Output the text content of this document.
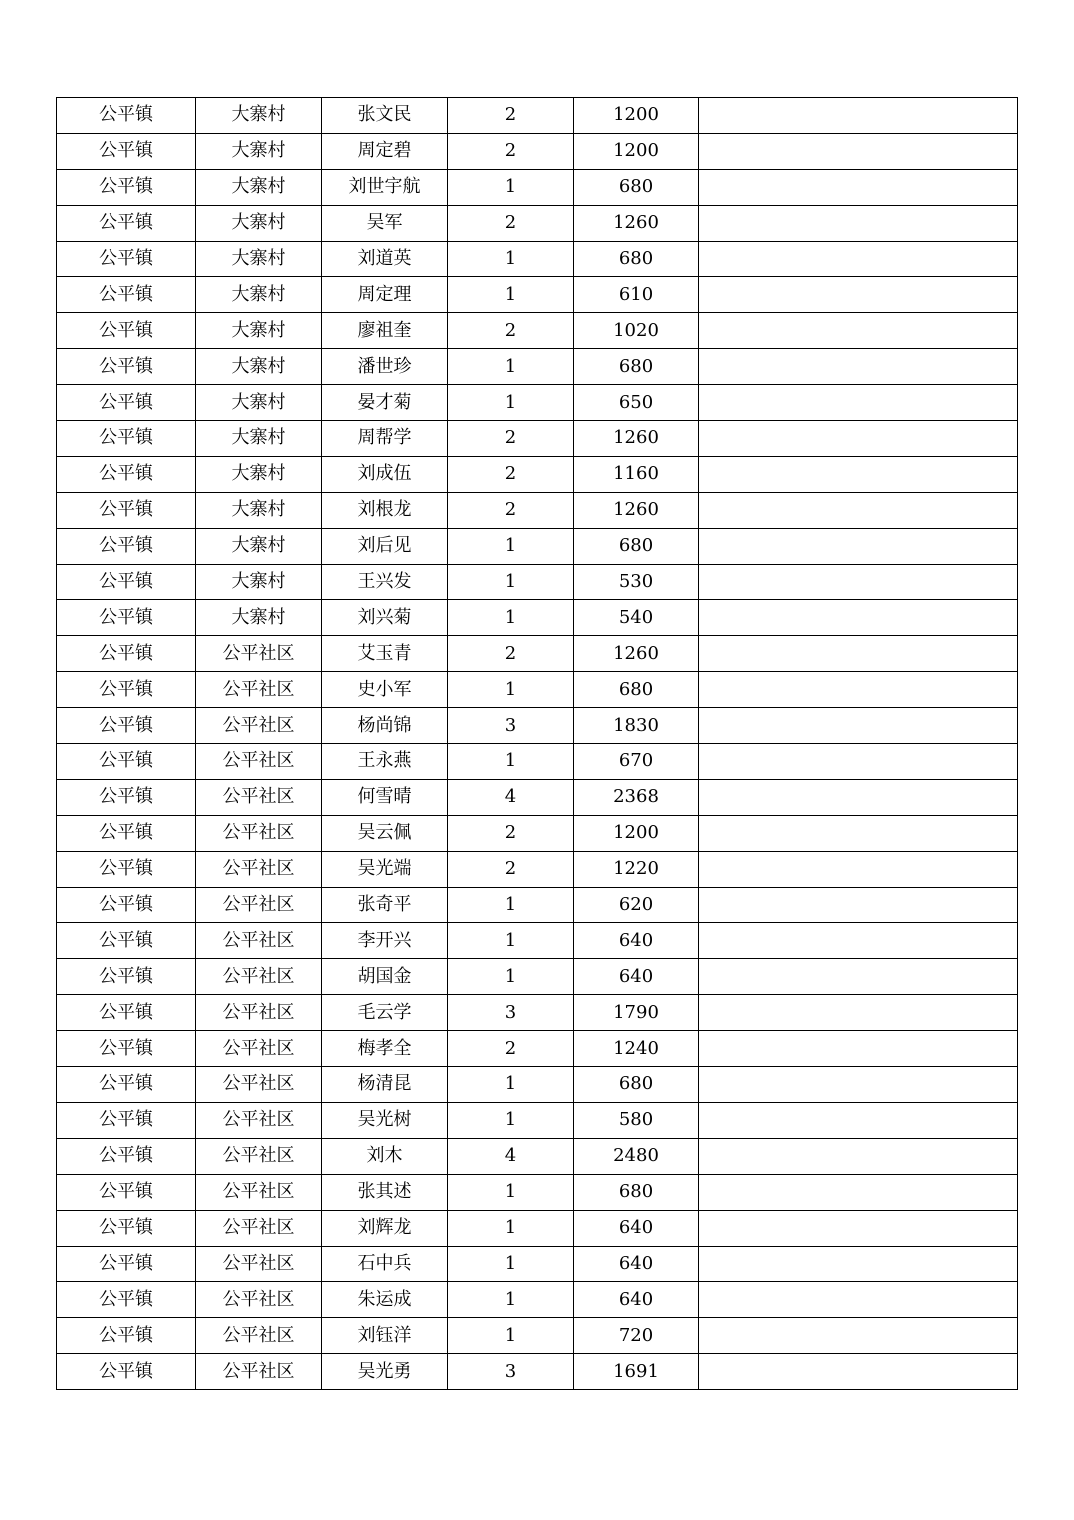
公平镇	大寨村	张文民	2	1200	
公平镇	大寨村	周定碧	2	1200	
公平镇	大寨村	刘世宇航	1	680	
公平镇	大寨村	吴军	2	1260	
公平镇	大寨村	刘道英	1	680	
公平镇	大寨村	周定理	1	610	
公平镇	大寨村	廖祖奎	2	1020	
公平镇	大寨村	潘世珍	1	680	
公平镇	大寨村	晏才菊	1	650	
公平镇	大寨村	周帮学	2	1260	
公平镇	大寨村	刘成伍	2	1160	
公平镇	大寨村	刘根龙	2	1260	
公平镇	大寨村	刘后见	1	680	
公平镇	大寨村	王兴发	1	530	
公平镇	大寨村	刘兴菊	1	540	
公平镇	公平社区	艾玉青	2	1260	
公平镇	公平社区	史小军	1	680	
公平镇	公平社区	杨尚锦	3	1830	
公平镇	公平社区	王永燕	1	670	
公平镇	公平社区	何雪晴	4	2368	
公平镇	公平社区	吴云佩	2	1200	
公平镇	公平社区	吴光端	2	1220	
公平镇	公平社区	张奇平	1	620	
公平镇	公平社区	李开兴	1	640	
公平镇	公平社区	胡国金	1	640	
公平镇	公平社区	毛云学	3	1790	
公平镇	公平社区	梅孝全	2	1240	
公平镇	公平社区	杨清昆	1	680	
公平镇	公平社区	吴光树	1	580	
公平镇	公平社区	刘木	4	2480	
公平镇	公平社区	张其述	1	680	
公平镇	公平社区	刘辉龙	1	640	
公平镇	公平社区	石中兵	1	640	
公平镇	公平社区	朱运成	1	640	
公平镇	公平社区	刘钰洋	1	720	
公平镇	公平社区	吴光勇	3	1691	
